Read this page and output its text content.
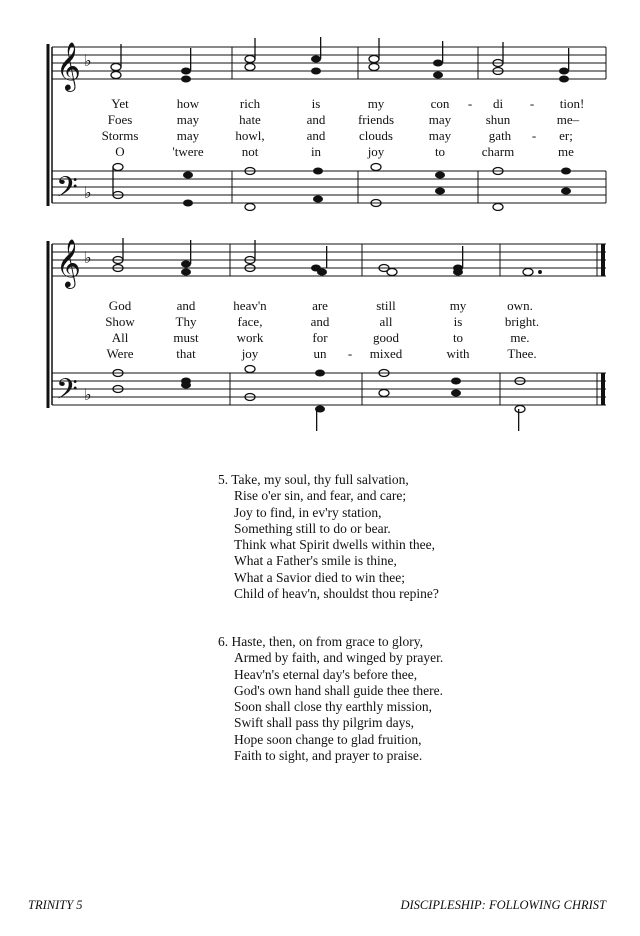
𝄞
𝄢
𝄞
𝄢
♭
♭
♭
♭
Yet	how	rich	is	my	con - di - tion!
Foes	may	hate	and	friends	may	shun	me–
Storms	may	howl,	and	clouds	may	gath - er;
O	'twere	not	in	joy	to	charm	me
God	and	heav'n	are	still	my	own.
Show	Thy	face,	and	all	is	bright.
All	must	work	for	good	to	me.
Were	that	joy	un - mixed	with	Thee.
5. Take, my soul, thy full salvation,
Rise o'er sin, and fear, and care;
Joy to find, in ev'ry station,
Something still to do or bear.
Think what Spirit dwells within thee,
What a Father's smile is thine,
What a Savior died to win thee;
Child of heav'n, shouldst thou repine?
6. Haste, then, on from grace to glory,
Armed by faith, and winged by prayer.
Heav'n's eternal day's before thee,
God's own hand shall guide thee there.
Soon shall close thy earthly mission,
Swift shall pass thy pilgrim days,
Hope soon change to glad fruition,
Faith to sight, and prayer to praise.
TRINITY 5	DISCIPLESHIP: FOLLOWING CHRIST
